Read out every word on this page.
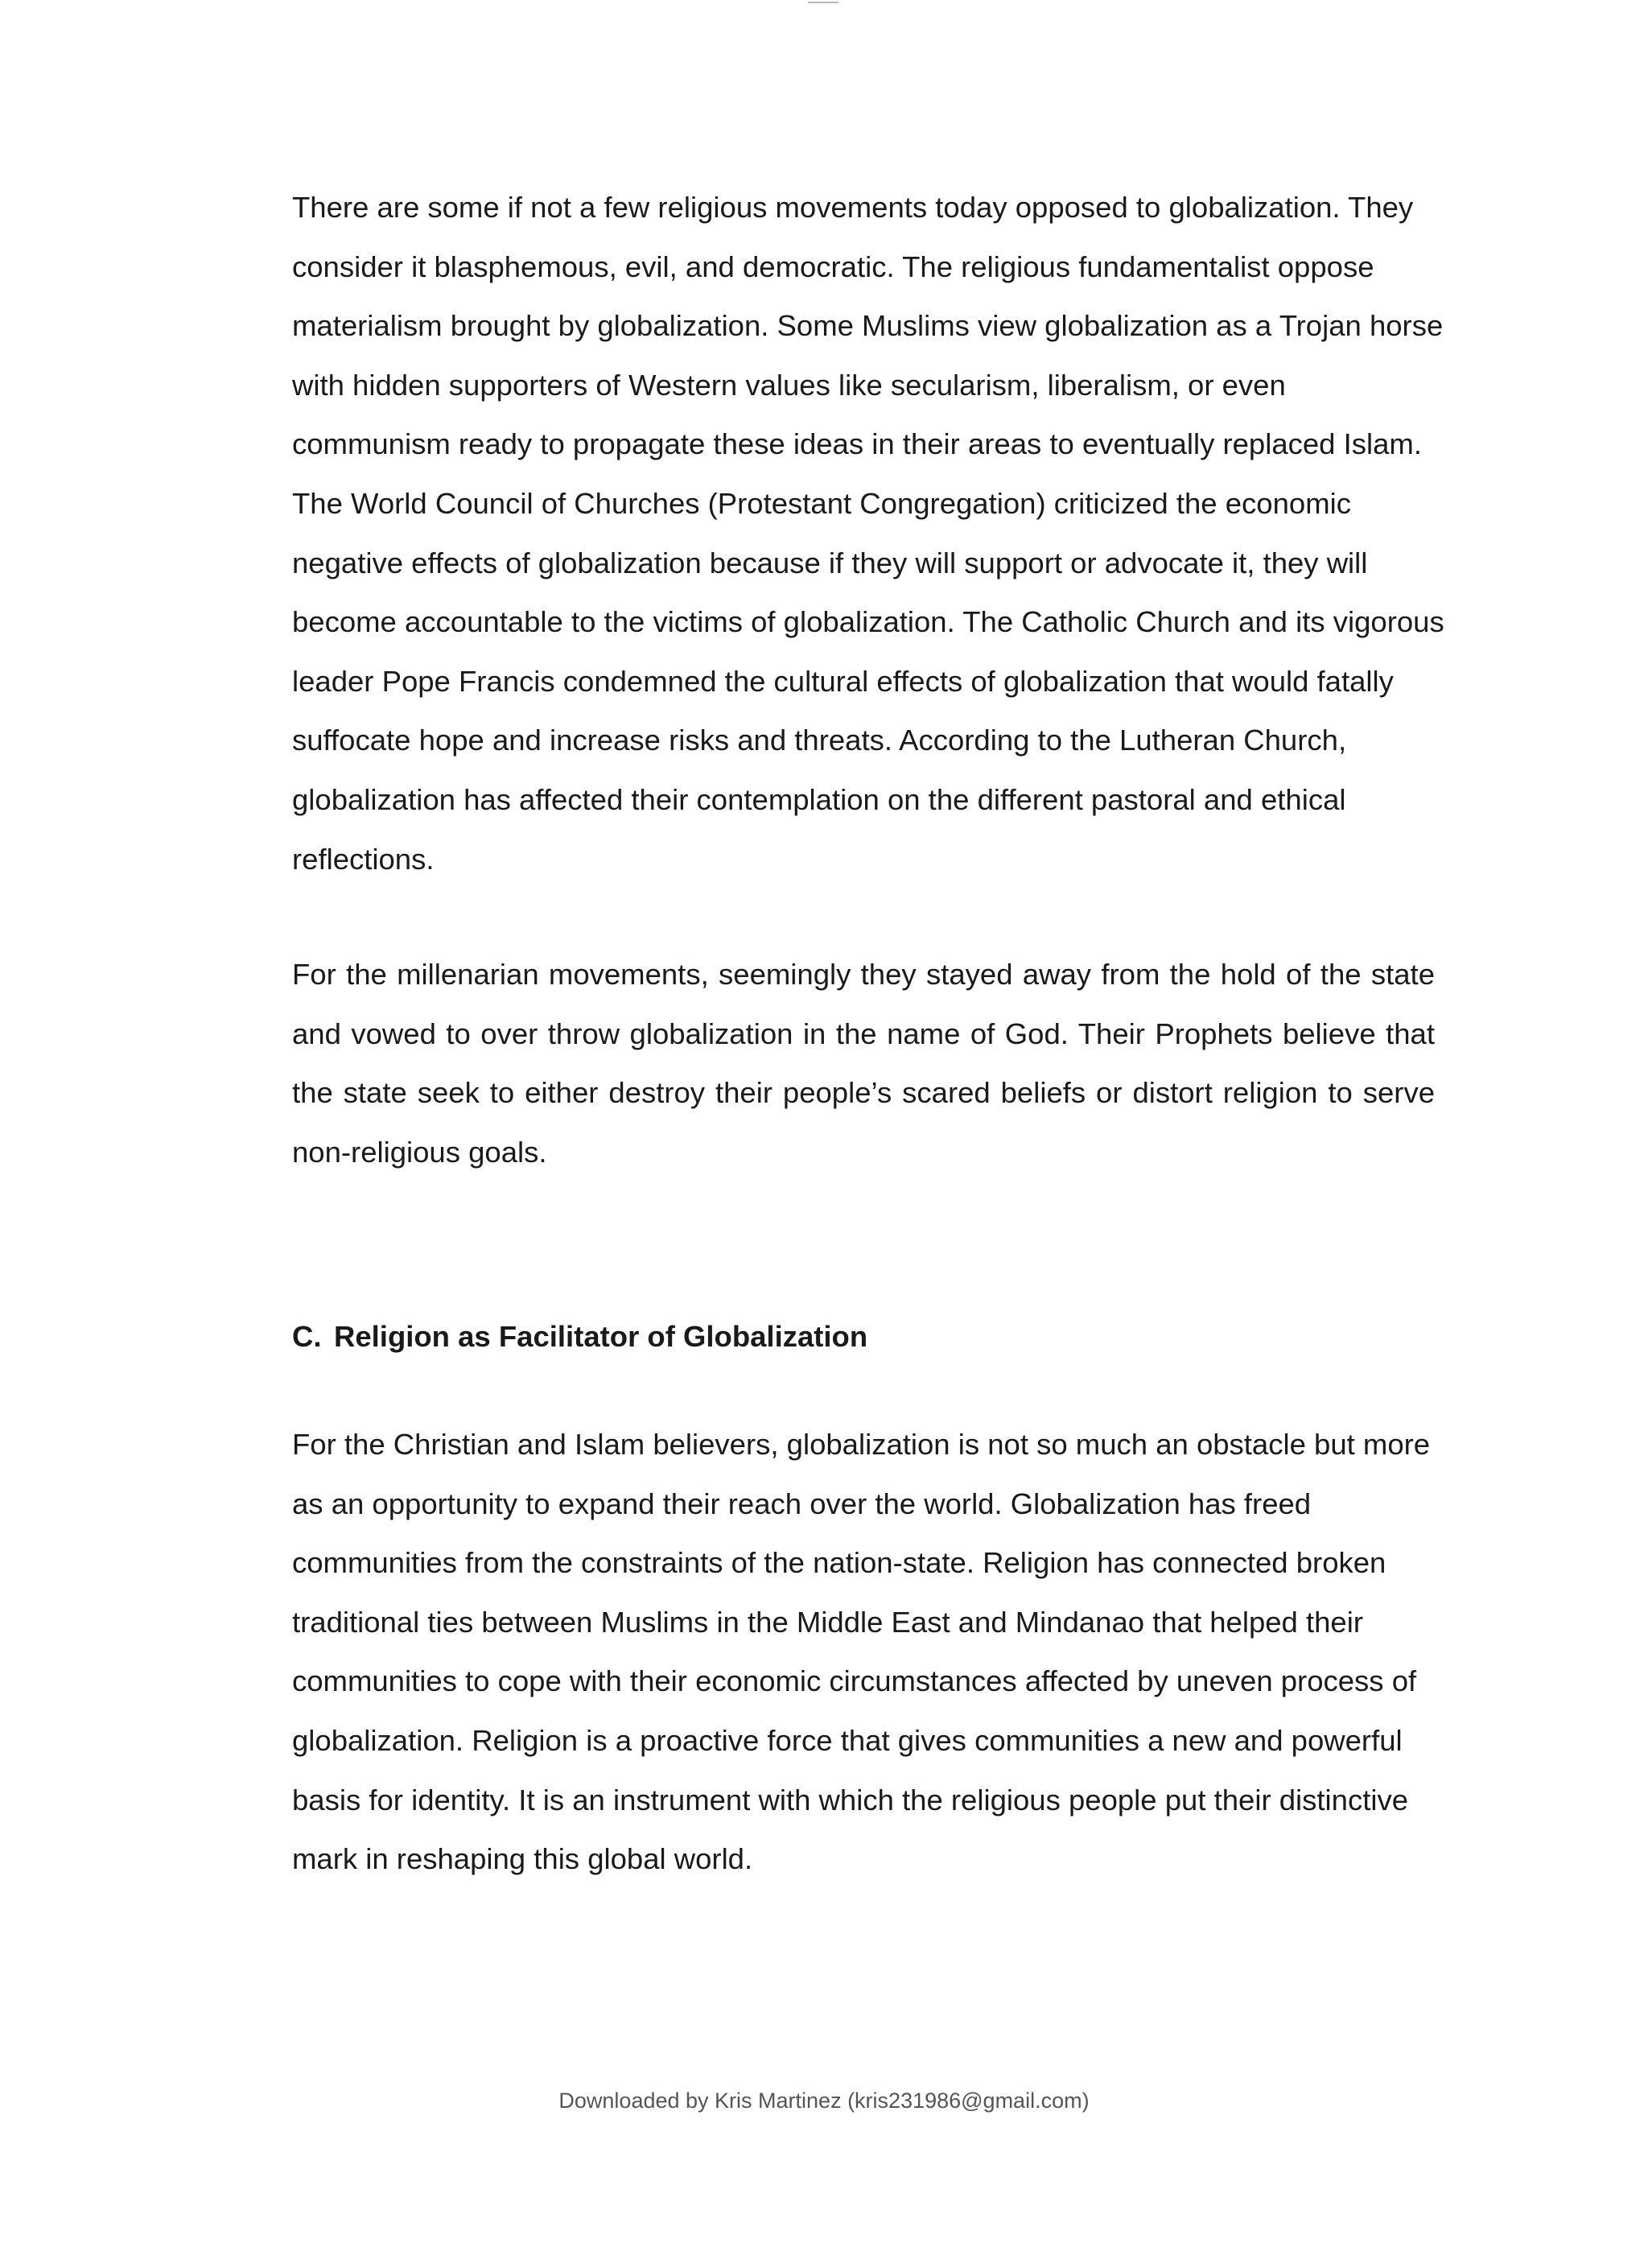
There are some if not a few religious movements today opposed to globalization. They consider it blasphemous, evil, and democratic. The religious fundamentalist oppose materialism brought by globalization. Some Muslims view globalization as a Trojan horse with hidden supporters of Western values like secularism, liberalism, or even communism ready to propagate these ideas in their areas to eventually replaced Islam. The World Council of Churches (Protestant Congregation) criticized the economic negative effects of globalization because if they will support or advocate it, they will become accountable to the victims of globalization. The Catholic Church and its vigorous leader Pope Francis condemned the cultural effects of globalization that would fatally suffocate hope and increase risks and threats. According to the Lutheran Church, globalization has affected their contemplation on the different pastoral and ethical reflections.

For the millenarian movements, seemingly they stayed away from the hold of the state and vowed to over throw globalization in the name of God. Their Prophets believe that the state seek to either destroy their people’s scared beliefs or distort religion to serve non-religious goals.

C. Religion as Facilitator of Globalization

For the Christian and Islam believers, globalization is not so much an obstacle but more as an opportunity to expand their reach over the world. Globalization has freed communities from the constraints of the nation-state. Religion has connected broken traditional ties between Muslims in the Middle East and Mindanao that helped their communities to cope with their economic circumstances affected by uneven process of globalization. Religion is a proactive force that gives communities a new and powerful basis for identity. It is an instrument with which the religious people put their distinctive mark in reshaping this global world.

Downloaded by Kris Martinez (kris231986@gmail.com)
